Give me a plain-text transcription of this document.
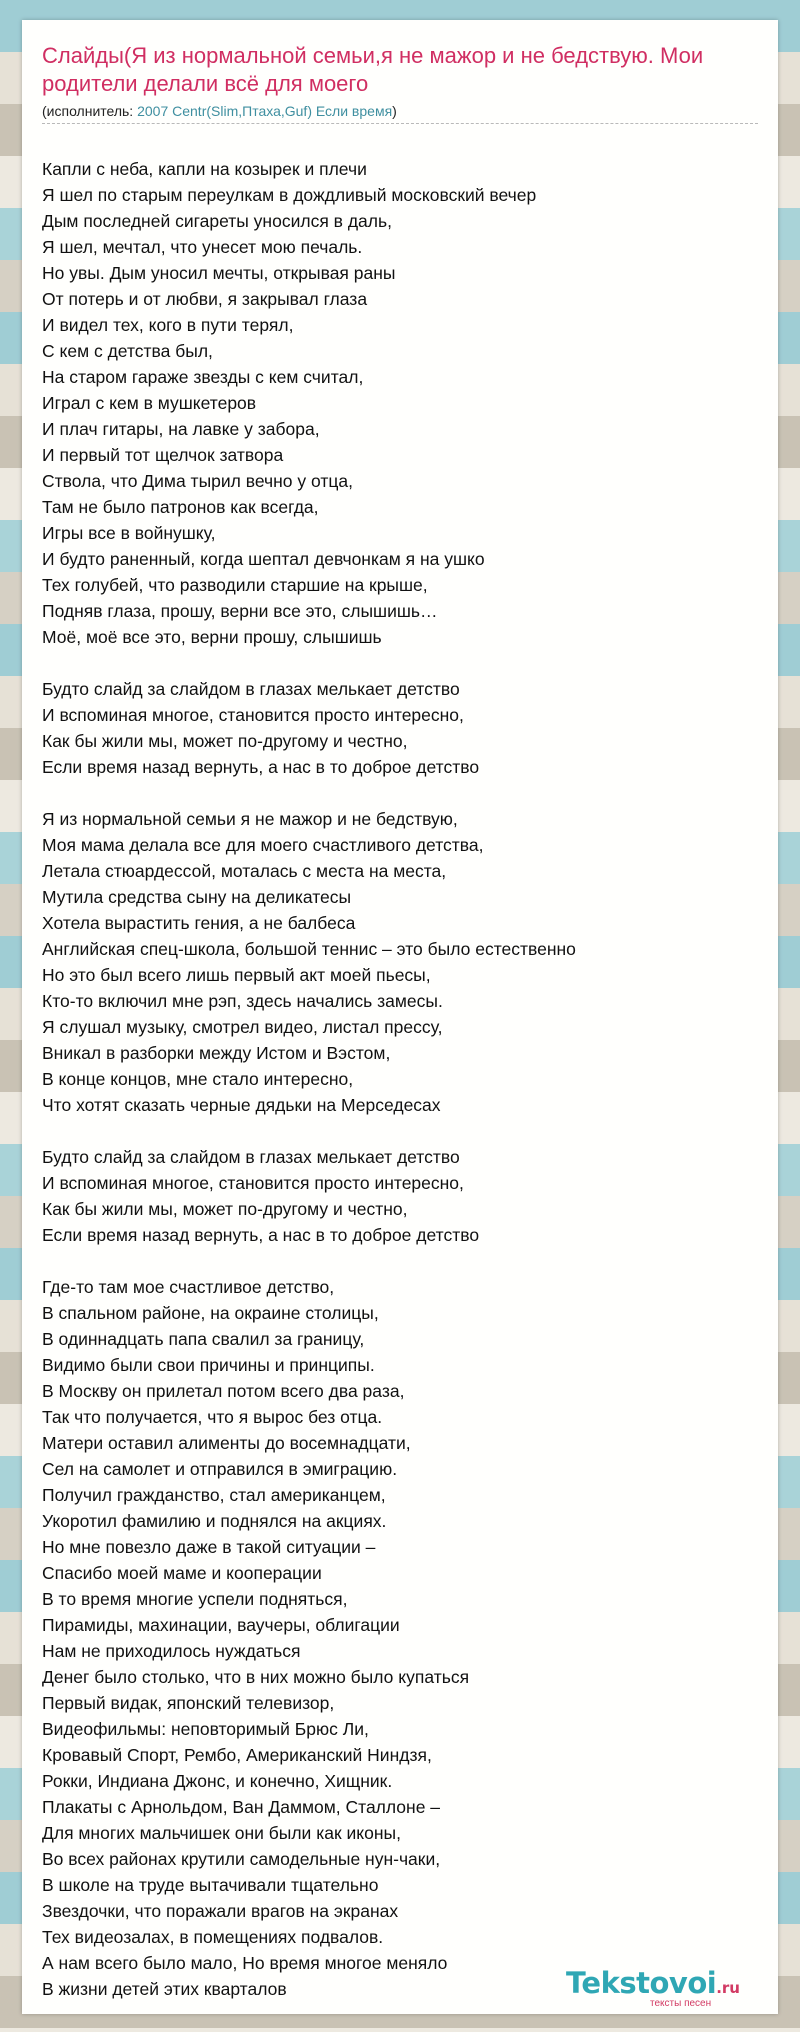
Слайды(Я из нормальной семьи,я не мажор и не бедствую. Мои родители делали всё для моего
(исполнитель: 2007 Centr(Slim,Птаха,Guf) Если время)
Капли с неба, капли на козырек и плечи
Я шел по старым переулкам в дождливый московский вечер
Дым последней сигареты уносился в даль,
Я шел, мечтал, что унесет мою печаль.
Но увы. Дым уносил мечты, открывая раны
От потерь и от любви, я закрывал глаза
И видел тех, кого в пути терял,
С кем с детства был,
На старом гараже звезды с кем считал,
Играл с кем в мушкетеров
И плач гитары, на лавке у забора,
И первый тот щелчок затвора
Ствола, что Дима тырил вечно у отца,
Там не было патронов как всегда,
Игры все в войнушку,
И будто раненный, когда шептал девчонкам я на ушко
Тех голубей, что разводили старшие на крыше,
Подняв глаза, прошу, верни все это, слышишь…
Моё, моё все это, верни прошу, слышишь
Будто слайд за слайдом в глазах мелькает детство
И вспоминая многое, становится просто интересно,
Как бы жили мы, может по-другому и честно,
Если время назад вернуть, а нас в то доброе детство
Я из нормальной семьи я не мажор и не бедствую,
Моя мама делала все для моего счастливого детства,
Летала стюардессой, моталась с места на места,
Мутила средства сыну на деликатесы
Хотела вырастить гения, а не балбеса
Английская спец-школа, большой теннис – это было естественно
Но это был всего лишь первый акт моей пьесы,
Кто-то включил мне рэп, здесь начались замесы.
Я слушал музыку, смотрел видео, листал прессу,
Вникал в разборки между Истом и Вэстом,
В конце концов, мне стало интересно,
Что хотят сказать черные дядьки на Мерседесах
Будто слайд за слайдом в глазах мелькает детство
И вспоминая многое, становится просто интересно,
Как бы жили мы, может по-другому и честно,
Если время назад вернуть, а нас в то доброе детство
Где-то там мое счастливое детство,
В спальном районе, на окраине столицы,
В одиннадцать папа свалил за границу,
Видимо были свои причины и принципы.
В Москву он прилетал потом всего два раза,
Так что получается, что я вырос без отца.
Матери оставил алименты до восемнадцати,
Сел на самолет и отправился в эмиграцию.
Получил гражданство, стал американцем,
Укоротил фамилию и поднялся на акциях.
Но мне повезло даже в такой ситуации –
Спасибо моей маме и кооперации
В то время многие успели подняться,
Пирамиды, махинации, ваучеры, облигации
Нам не приходилось нуждаться
Денег было столько, что в них можно было купаться
Первый видак, японский телевизор,
Видеофильмы: неповторимый Брюс Ли,
Кровавый Спорт, Рембо, Американский Ниндзя,
Рокки, Индиана Джонс, и конечно, Хищник.
Плакаты с Арнольдом, Ван Даммом, Сталлоне –
Для многих мальчишек они были как иконы,
Во всех районах крутили самодельные нун-чаки,
В школе на труде вытачивали тщательно
Звездочки, что поражали врагов на экранах
Тех видеозалах, в помещениях подвалов.
А нам всего было мало, Но время многое меняло
В жизни детей этих кварталов	Tekstovoi.ru
тексты песен
